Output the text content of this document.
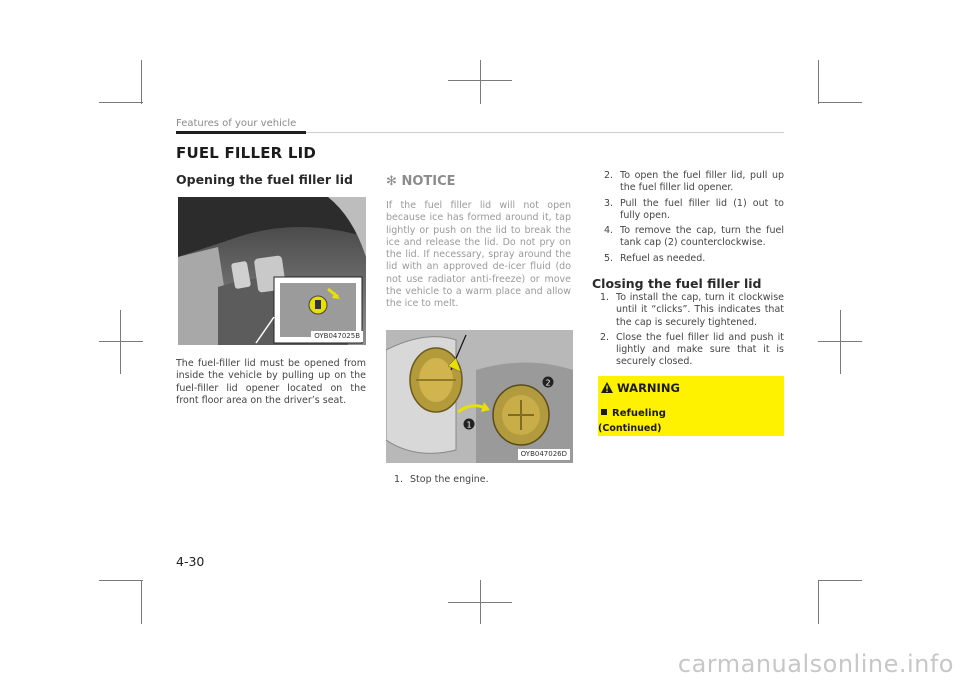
Features of your vehicle
FUEL FILLER LID
Opening the fuel filler lid
OYB047025B
The fuel-filler lid must be opened from inside the vehicle by pulling up on the fuel-filler lid opener located on the front floor area on the driver’s seat.
✻ NOTICE
If the fuel filler lid will not open because ice has formed around it, tap lightly or push on the lid to break the ice and release the lid. Do not pry on the lid. If necessary, spray around the lid with an approved de-icer fluid (do not use radiator anti-freeze) or move the vehicle to a warm place and allow the ice to melt.
1
2
OYB047026D
1. Stop the engine.
2. To open the fuel filler lid, pull up the fuel filler lid opener.
3. Pull the fuel filler lid (1) out to fully open.
4. To remove the cap, turn the fuel tank cap (2) counterclockwise.
5. Refuel as needed.
Closing the fuel filler lid
1. To install the cap, turn it clockwise until it “clicks”. This indicates that the cap is securely tightened.
2. Close the fuel filler lid and push it lightly and make sure that it is securely closed.
WARNING
Refueling
(Continued)
4-30
carmanualsonline.info
